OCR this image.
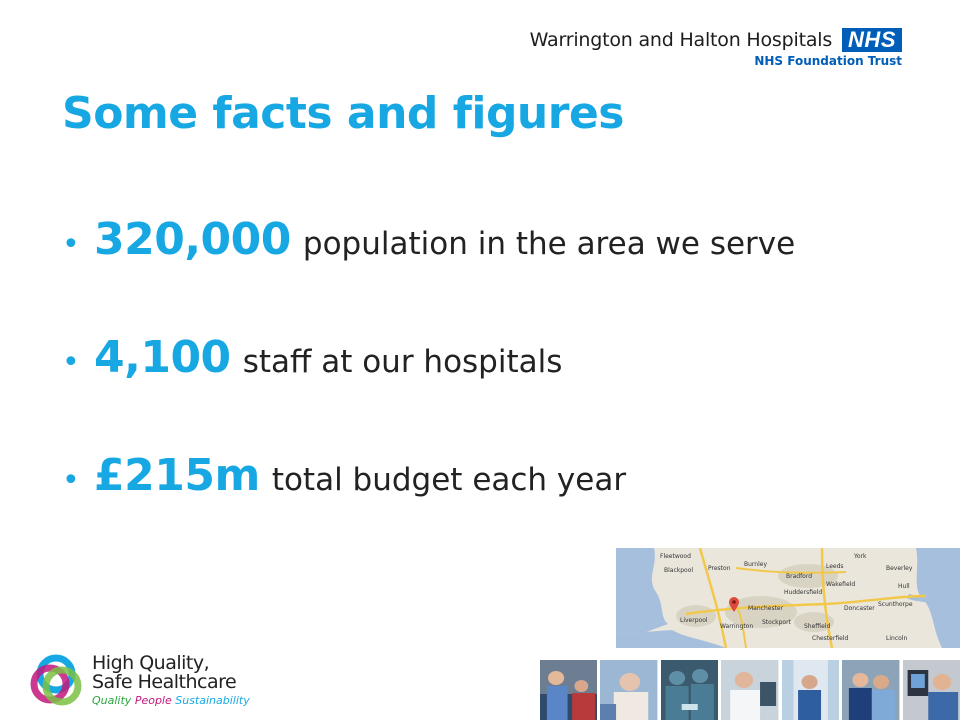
Warrington and Halton Hospitals NHS
NHS Foundation Trust
Some facts and figures
• 320,000 population in the area we serve
• 4,100 staff at our hospitals
• £215m total budget each year
Fleetwood
Blackpool Preston
Burnley	Leeds
Bradford
Wakefield
Huddersfield
Liverpool
Manchester
Warrington
Stockport
Sheffield
Doncaster
Scunthorpe
Hull
Beverley
Chesterfield	Lincoln
York
High Quality,
Safe Healthcare
Quality People Sustainability
